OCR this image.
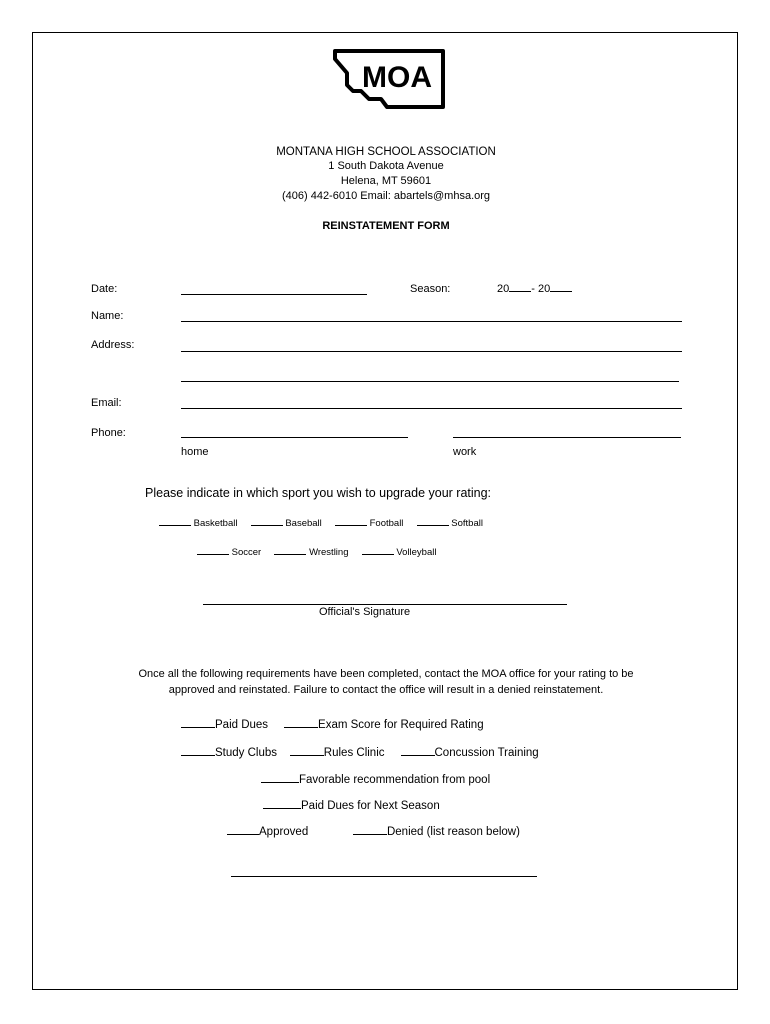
MOA
MONTANA HIGH SCHOOL ASSOCIATION
1 South Dakota Avenue
Helena, MT 59601
(406) 442-6010 Email: abartels@mhsa.org
REINSTATEMENT FORM
Date:	Season:	20 - 20
Name:
Address:
Email:
Phone:
home	work
Please indicate in which sport you wish to upgrade your rating:
Basketball	Baseball	Football	Softball
Soccer	Wrestling	Volleyball
Official's Signature
Once all the following requirements have been completed, contact the MOA office for your rating to be
approved and reinstated. Failure to contact the office will result in a denied reinstatement.
Paid Dues	Exam Score for Required Rating
Study Clubs	Rules Clinic	Concussion Training
Favorable recommendation from pool
Paid Dues for Next Season
Approved	Denied (list reason below)
